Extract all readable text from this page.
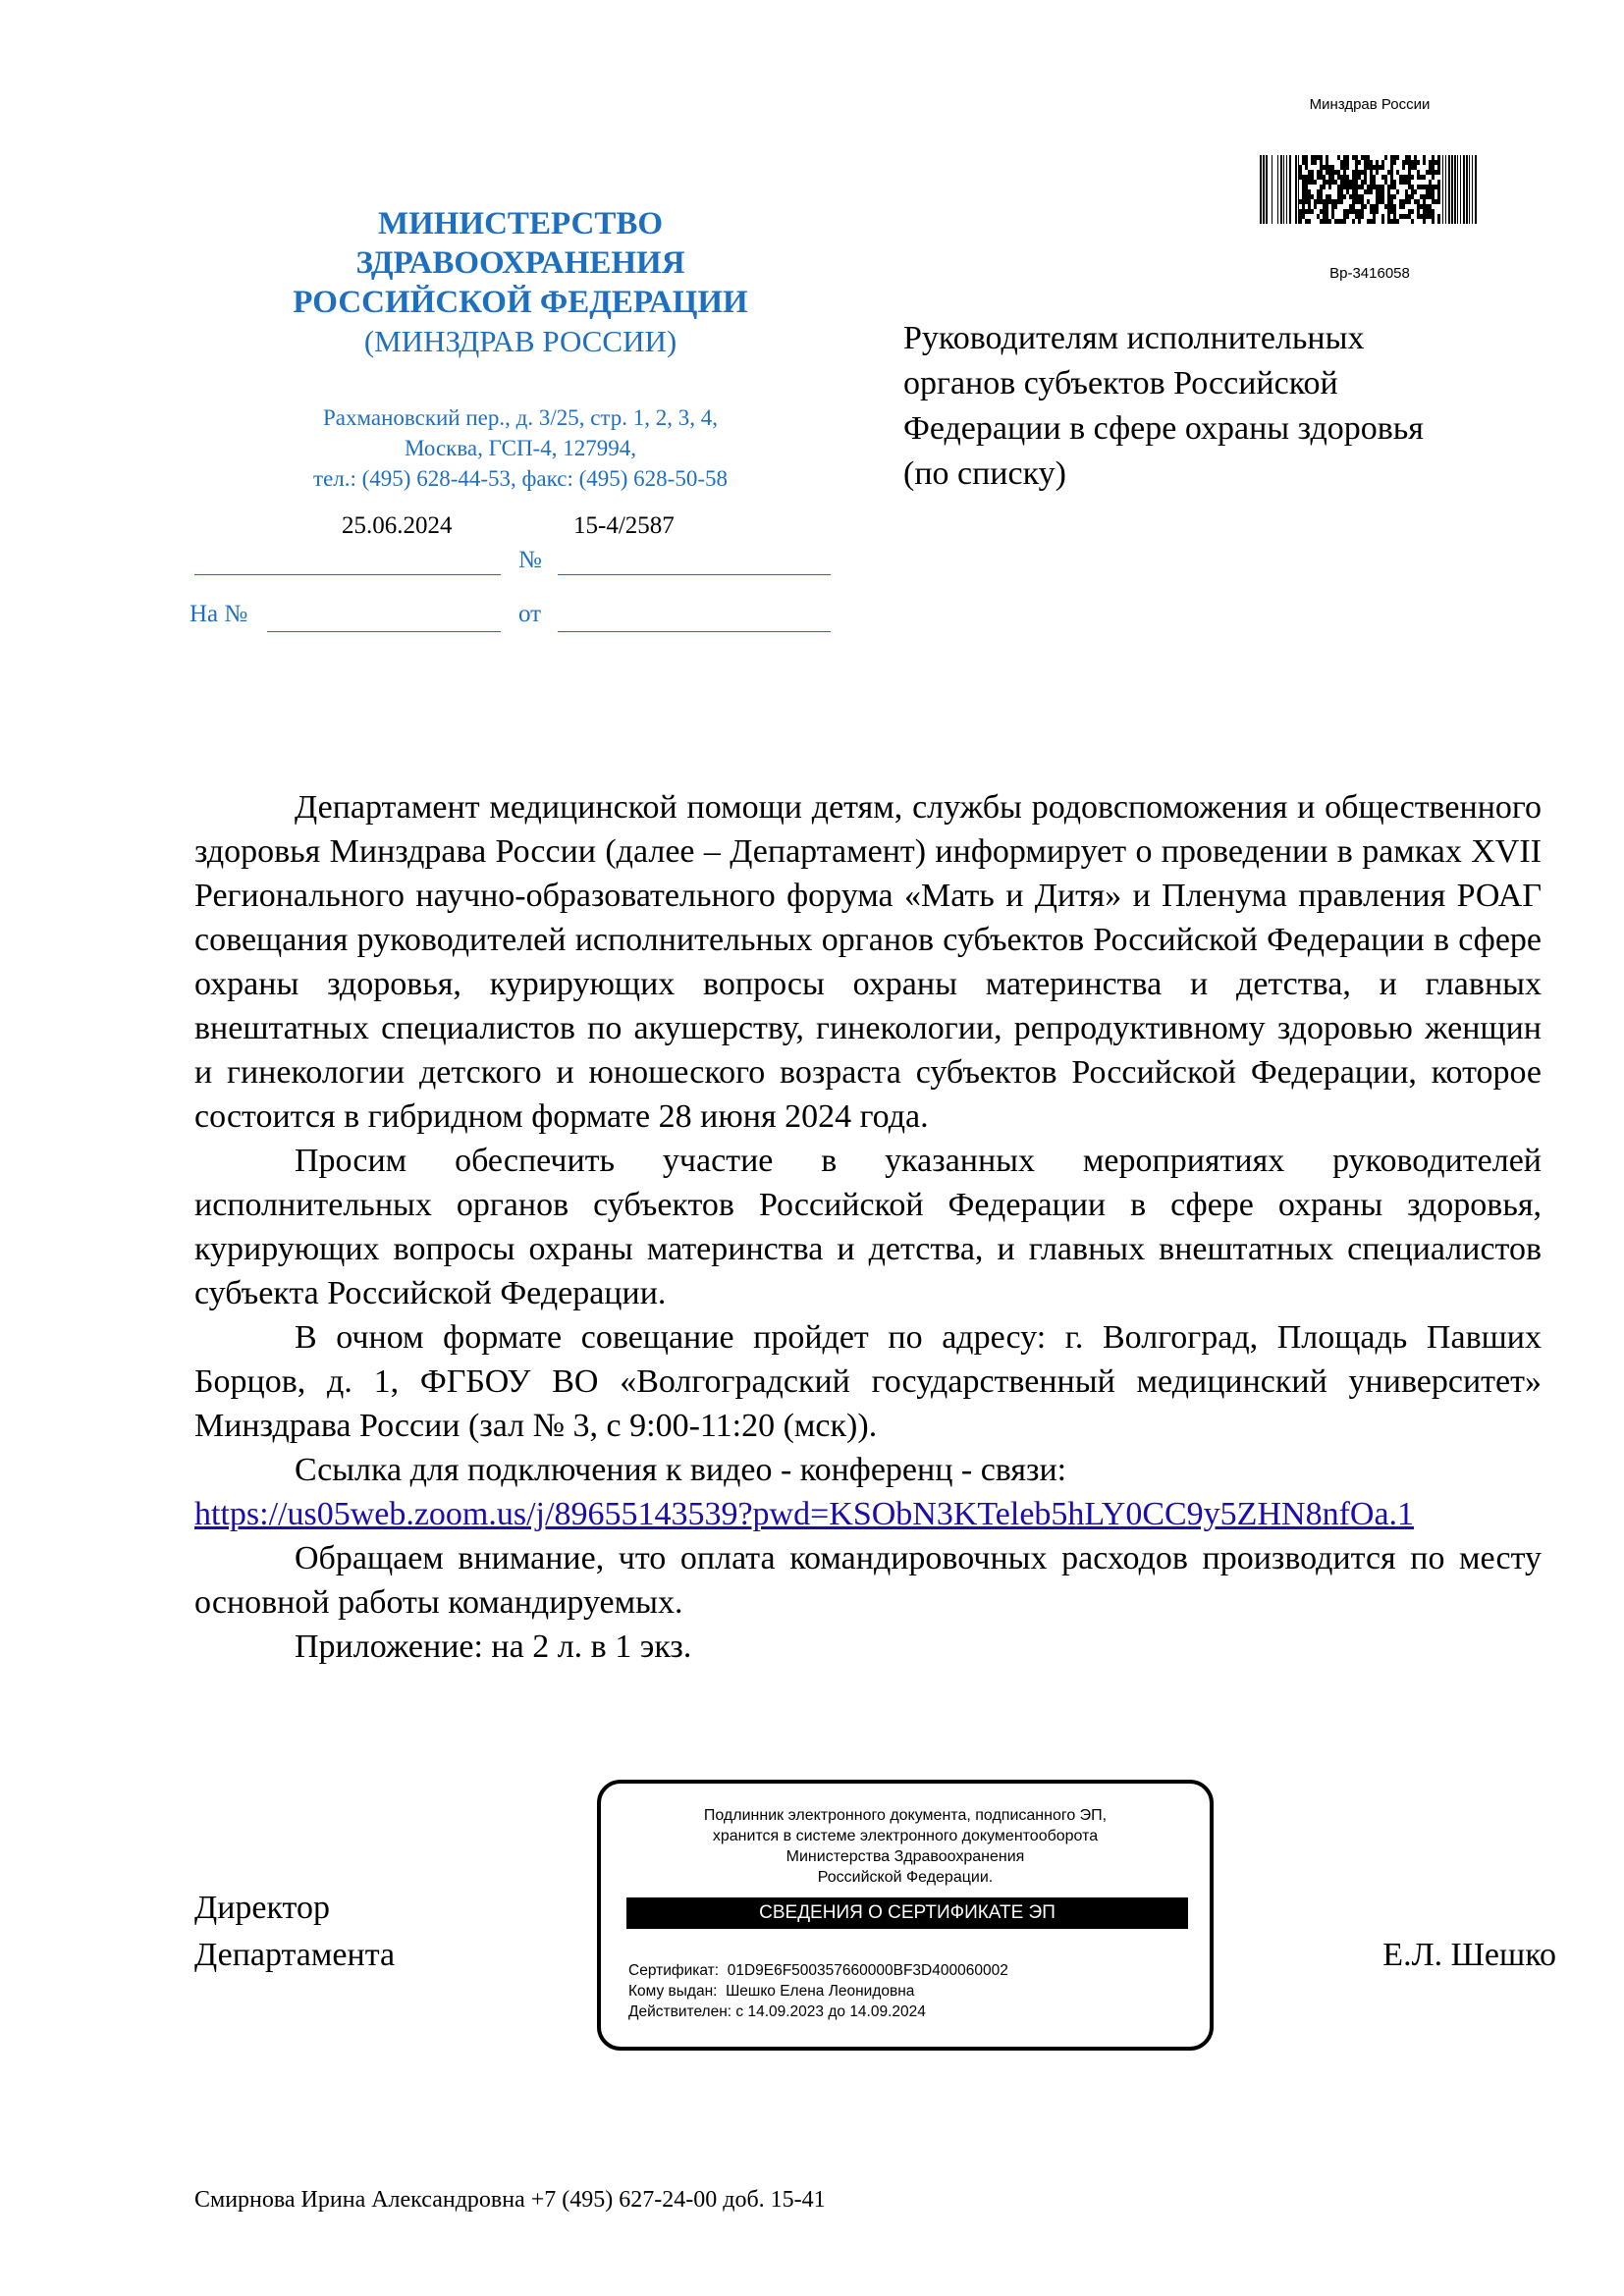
Минздрав России
Вр-3416058
МИНИСТЕРСТВО
ЗДРАВООХРАНЕНИЯ
РОССИЙСКОЙ ФЕДЕРАЦИИ
(МИНЗДРАВ РОССИИ)
Рахмановский пер., д. 3/25, стр. 1, 2, 3, 4,
Москва, ГСП-4, 127994,
тел.: (495) 628-44-53, факс: (495) 628-50-58
25.06.2024	15-4/2587
№
На №	от
Руководителям исполнительных
органов субъектов Российской
Федерации в сфере охраны здоровья
(по списку)

Департамент медицинской помощи детям, службы родовспоможения и общественного здоровья Минздрава России (далее – Департамент) информирует о проведении в рамках XVII Регионального научно-образовательного форума «Мать и Дитя» и Пленума правления РОАГ совещания руководителей исполнительных органов субъектов Российской Федерации в сфере охраны здоровья, курирующих вопросы охраны материнства и детства, и главных внештатных специалистов по акушерству, гинекологии, репродуктивному здоровью женщин и гинекологии детского и юношеского возраста субъектов Российской Федерации, которое состоится в гибридном формате 28 июня 2024 года.

Просим обеспечить участие в указанных мероприятиях руководителей исполнительных органов субъектов Российской Федерации в сфере охраны здоровья, курирующих вопросы охраны материнства и детства, и главных внештатных специалистов субъекта Российской Федерации.

В очном формате совещание пройдет по адресу: г. Волгоград, Площадь Павших Борцов, д. 1, ФГБОУ ВО «Волгоградский государственный медицинский университет» Минздрава России (зал № 3, с 9:00-11:20 (мск)).

Ссылка для подключения к видео - конференц - связи:

https://us05web.zoom.us/j/89655143539?pwd=KSObN3KTeleb5hLY0CC9y5ZHN8nfOa.1

Обращаем внимание, что оплата командировочных расходов производится по месту основной работы командируемых.

Приложение: на 2 л. в 1 экз.

Директор
Департамента
Подлинник электронного документа, подписанного ЭП,
хранится в системе электронного документооборота
Министерства Здравоохранения
Российской Федерации.
СВЕДЕНИЯ О СЕРТИФИКАТЕ ЭП
Сертификат: 01D9E6F500357660000BF3D400060002
Кому выдан: Шешко Елена Леонидовна
Действителен: с 14.09.2023 до 14.09.2024
Е.Л. Шешко
Смирнова Ирина Александровна +7 (495) 627-24-00 доб. 15-41
